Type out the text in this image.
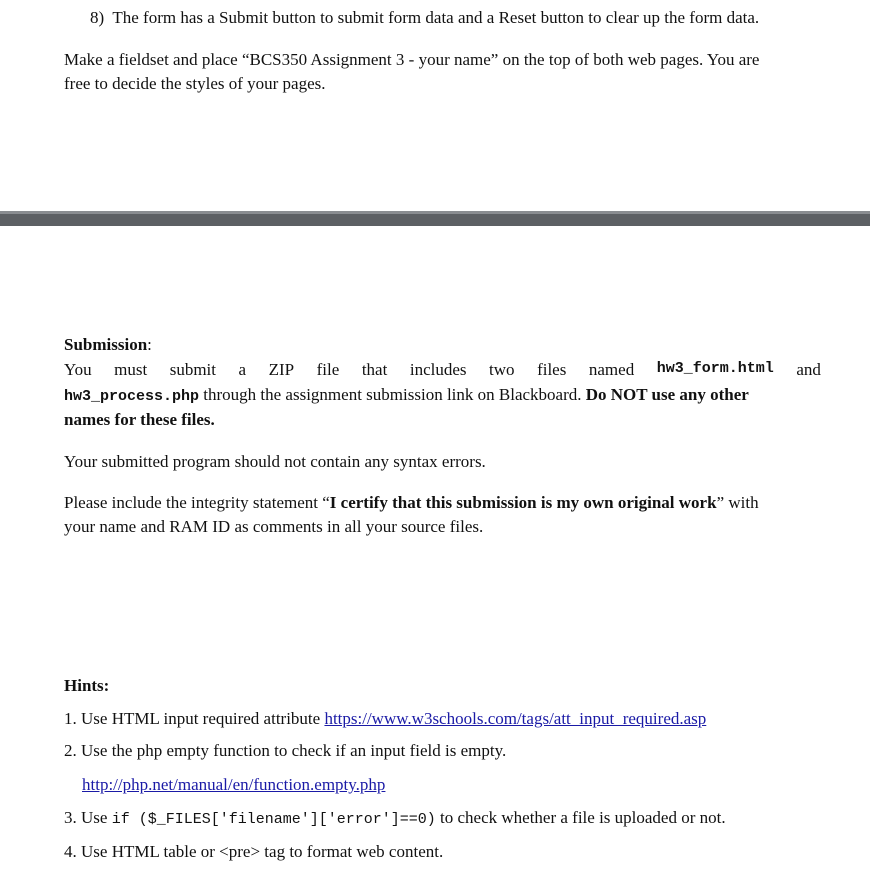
8)  The form has a Submit button to submit form data and a Reset button to clear up the form data.
Make a fieldset and place “BCS350 Assignment 3 - your name” on the top of both web pages. You are
free to decide the styles of your pages.
Submission:
You must submit a ZIP file that includes two files named hw3_form.html and
hw3_process.php through the assignment submission link on Blackboard. Do NOT use any other
names for these files.
Your submitted program should not contain any syntax errors.
Please include the integrity statement “I certify that this submission is my own original work” with
your name and RAM ID as comments in all your source files.
Hints:
1. Use HTML input required attribute https://www.w3schools.com/tags/att_input_required.asp
2. Use the php empty function to check if an input field is empty.
http://php.net/manual/en/function.empty.php
3. Use if ($_FILES['filename']['error']==0) to check whether a file is uploaded or not.
4. Use HTML table or <pre> tag to format web content.
